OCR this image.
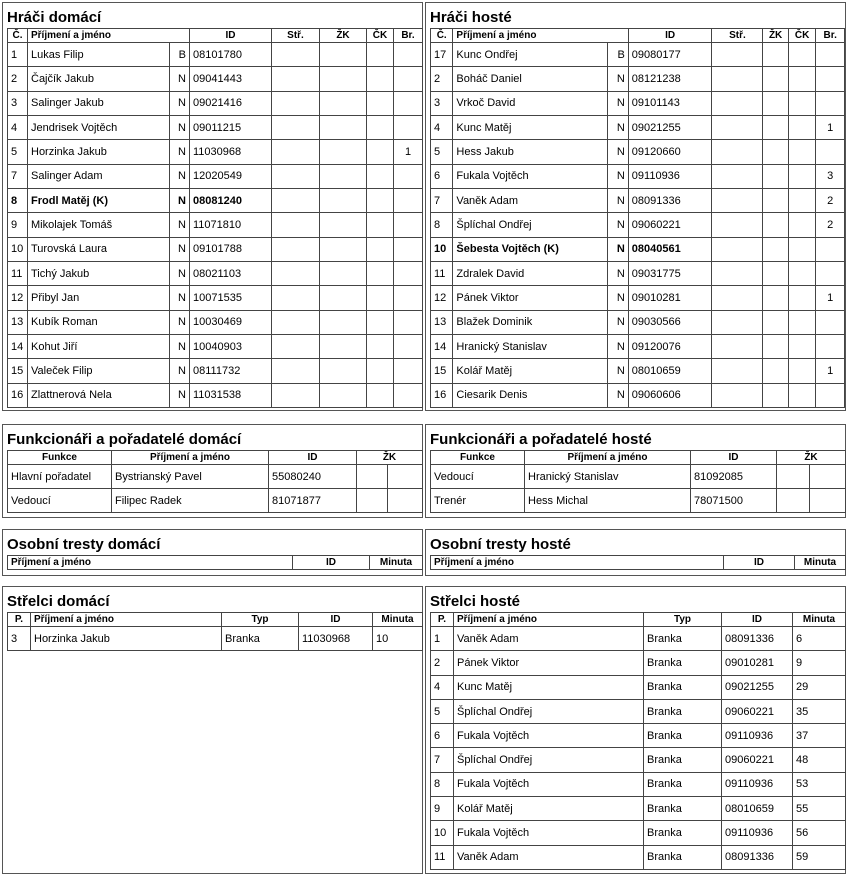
Hráči domácí
Č.	Příjmení a jméno		ID	Stř.	ŽK	ČK	Br.
1	Lukas Filip	B	08101780				
2	Čajčík Jakub	N	09041443				
3	Salinger Jakub	N	09021416				
4	Jendrisek Vojtěch	N	09011215				
5	Horzinka Jakub	N	11030968				1
7	Salinger Adam	N	12020549				
8	Frodl Matěj (K)	N	08081240				
9	Mikolajek Tomáš	N	11071810				
10	Turovská Laura	N	09101788				
11	Tichý Jakub	N	08021103				
12	Přibyl Jan	N	10071535				
13	Kubík Roman	N	10030469				
14	Kohut Jiří	N	10040903				
15	Valeček Filip	N	08111732				
16	Zlattnerová Nela	N	11031538				
Hráči hosté
Č.	Příjmení a jméno		ID	Stř.	ŽK	ČK	Br.
17	Kunc Ondřej	B	09080177				
2	Boháč Daniel	N	08121238				
3	Vrkoč David	N	09101143				
4	Kunc Matěj	N	09021255				1
5	Hess Jakub	N	09120660				
6	Fukala Vojtěch	N	09110936				3
7	Vaněk Adam	N	08091336				2
8	Šplíchal Ondřej	N	09060221				2
10	Šebesta Vojtěch (K)	N	08040561				
11	Zdralek David	N	09031775				
12	Pánek Viktor	N	09010281				1
13	Blažek Dominik	N	09030566				
14	Hranický Stanislav	N	09120076				
15	Kolář Matěj	N	08010659				1
16	Ciesarik Denis	N	09060606				
Funkcionáři a pořadatelé domácí
Funkce	Příjmení a jméno	ID	ŽK	
Hlavní pořadatel	Bystrianský Pavel	55080240		
Vedoucí	Filipec Radek	81071877		
Funkcionáři a pořadatelé hosté
Funkce	Příjmení a jméno	ID	ŽK	
Vedoucí	Hranický Stanislav	81092085		
Trenér	Hess Michal	78071500		
Osobní tresty domácí
Příjmení a jméno	ID	Minuta
Osobní tresty hosté
Příjmení a jméno	ID	Minuta
Střelci domácí
P.	Příjmení a jméno	Typ	ID	Minuta
3	Horzinka Jakub	Branka	11030968	10
Střelci hosté
P.	Příjmení a jméno	Typ	ID	Minuta
1	Vaněk Adam	Branka	08091336	6
2	Pánek Viktor	Branka	09010281	9
4	Kunc Matěj	Branka	09021255	29
5	Šplíchal Ondřej	Branka	09060221	35
6	Fukala Vojtěch	Branka	09110936	37
7	Šplíchal Ondřej	Branka	09060221	48
8	Fukala Vojtěch	Branka	09110936	53
9	Kolář Matěj	Branka	08010659	55
10	Fukala Vojtěch	Branka	09110936	56
11	Vaněk Adam	Branka	08091336	59
